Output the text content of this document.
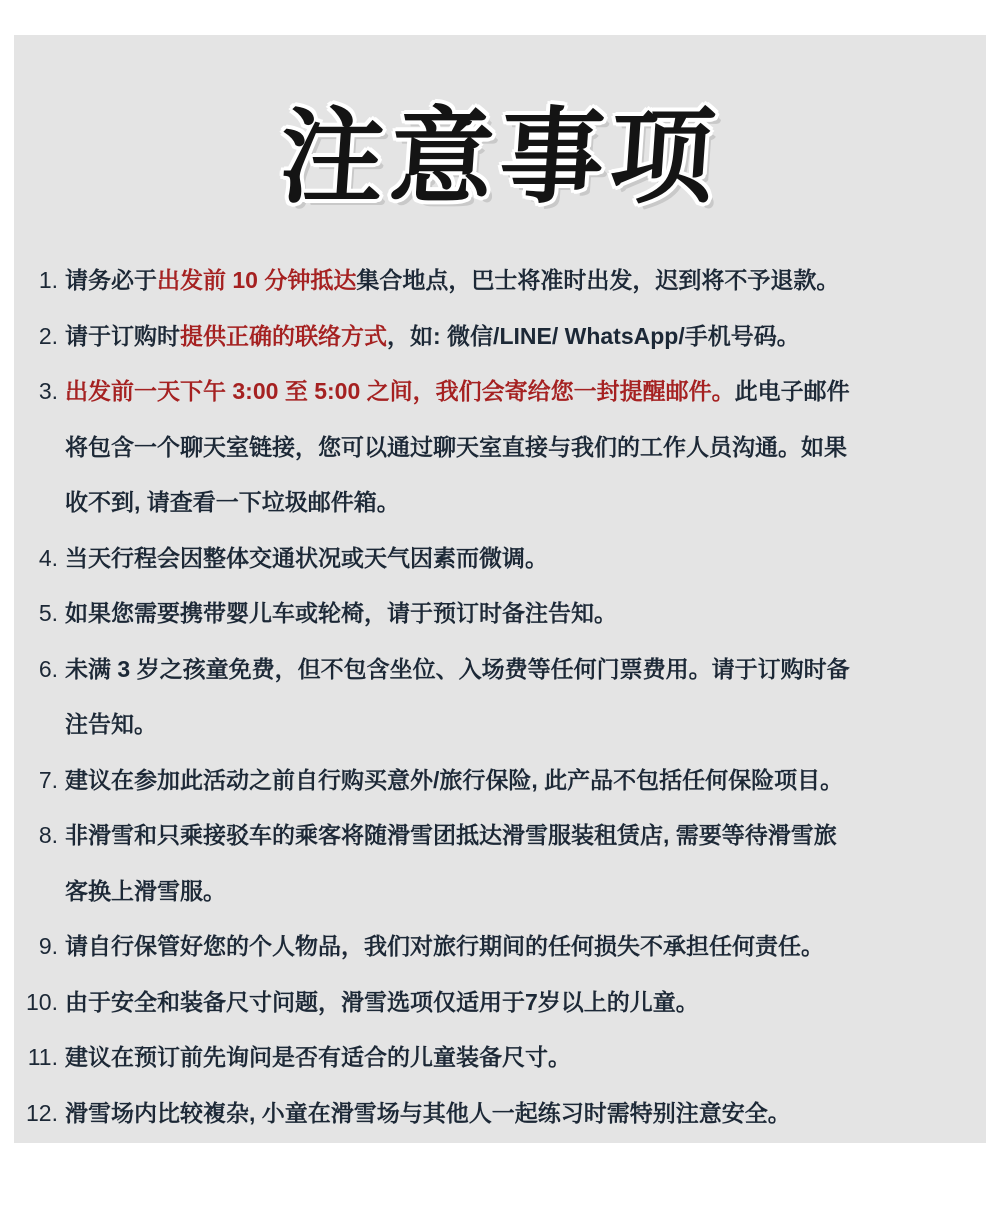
注意事项
1. 请务必于出发前 10 分钟抵达集合地点，巴士将准时出发，迟到将不予退款。
2. 请于订购时提供正确的联络方式，如: 微信/LINE/ WhatsApp/手机号码。
3. 出发前一天下午 3:00 至 5:00 之间，我们会寄给您一封提醒邮件。此电子邮件
将包含一个聊天室链接，您可以通过聊天室直接与我们的工作人员沟通。如果
收不到, 请查看一下垃圾邮件箱。
4. 当天行程会因整体交通状况或天气因素而微调。
5. 如果您需要携带婴儿车或轮椅，请于预订时备注告知。
6. 未满 3 岁之孩童免费，但不包含坐位、入场费等任何门票费用。请于订购时备
注告知。
7. 建议在参加此活动之前自行购买意外/旅行保险, 此产品不包括任何保险项目。
8. 非滑雪和只乘接驳车的乘客将随滑雪团抵达滑雪服装租赁店, 需要等待滑雪旅
客换上滑雪服。
9. 请自行保管好您的个人物品，我们对旅行期间的任何损失不承担任何责任。
10. 由于安全和装备尺寸问题，滑雪选项仅适用于7岁以上的儿童。
11. 建议在预订前先询问是否有适合的儿童装备尺寸。
12. 滑雪场内比较複杂, 小童在滑雪场与其他人一起练习时需特别注意安全。
